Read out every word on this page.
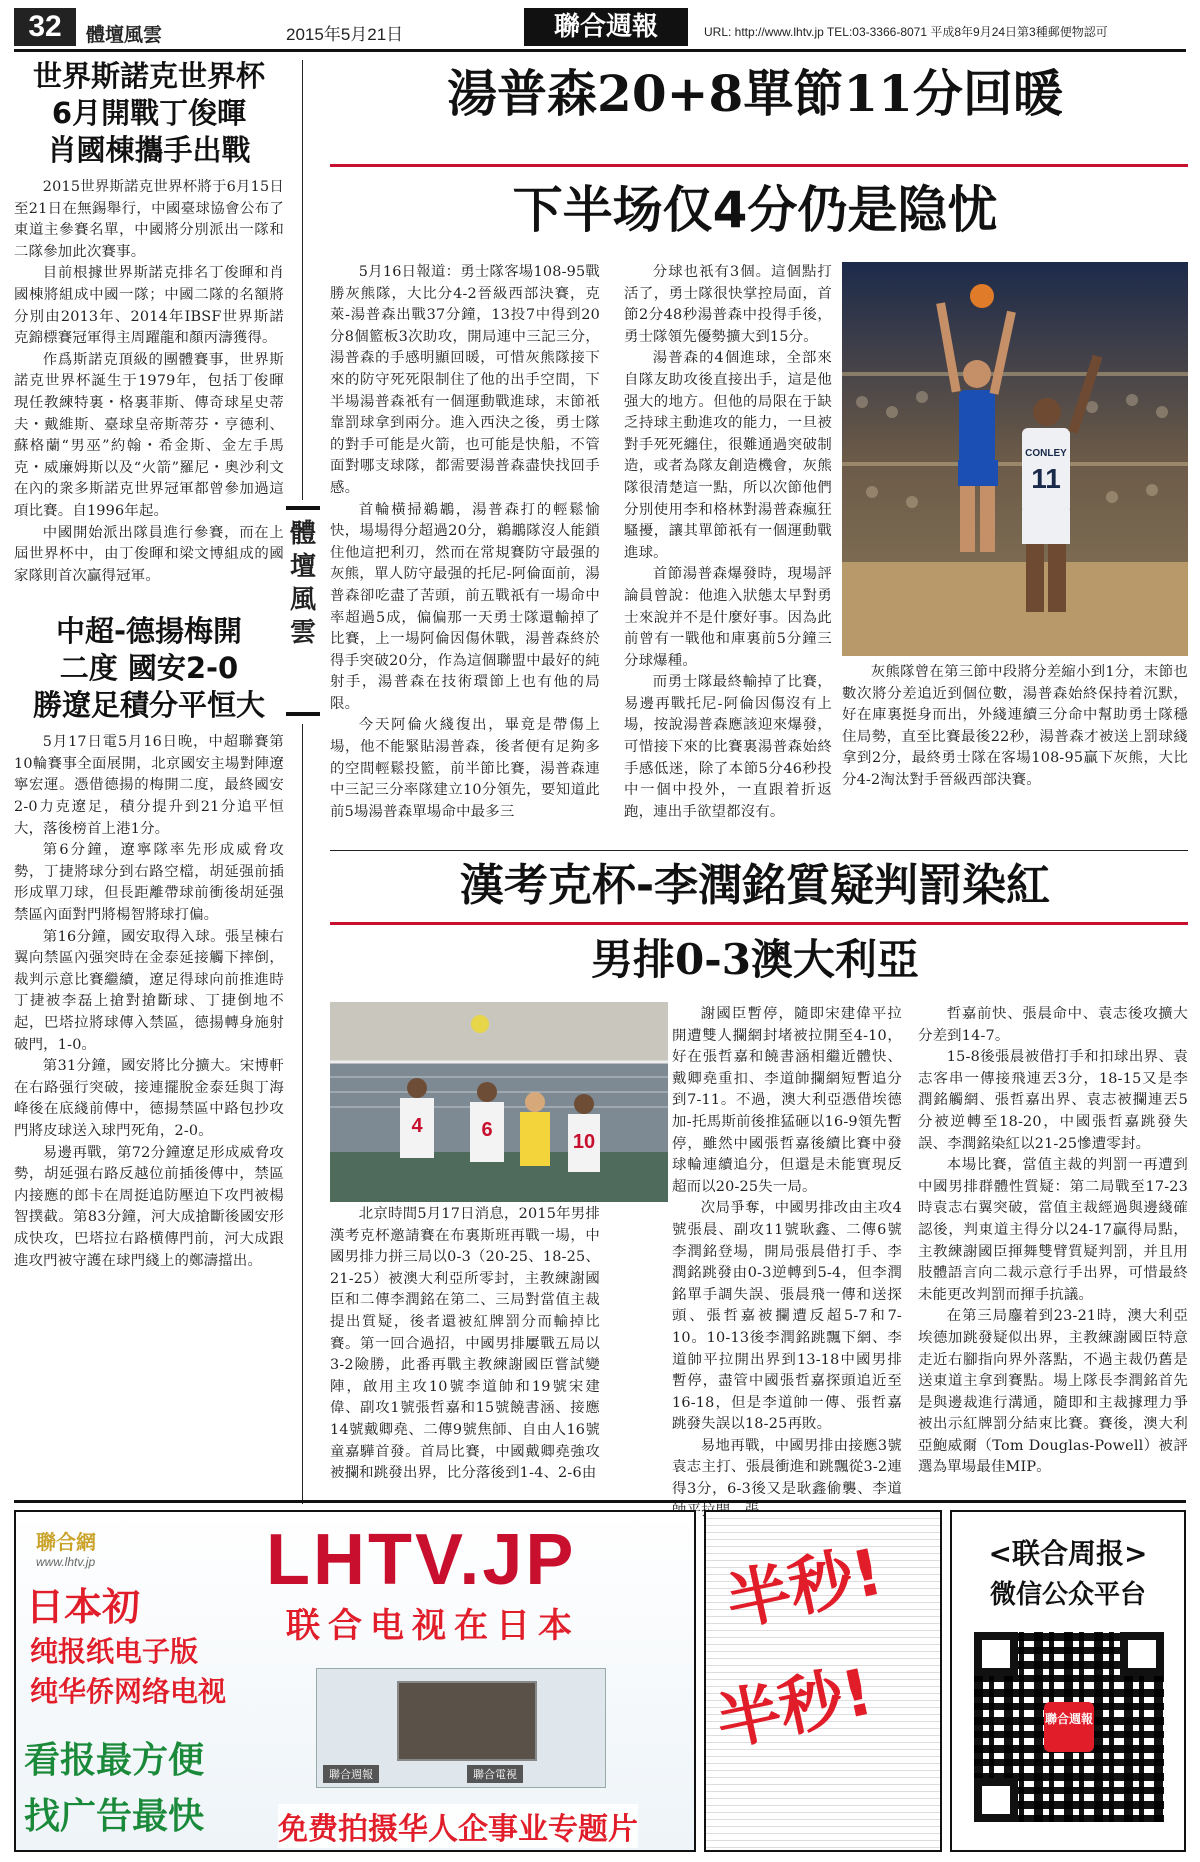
32	體壇風雲	2015年5月21日	聯合週報	URL: http://www.lhtv.jp TEL:03-3366-8071 平成8年9月24日第3種郵便物認可
世界斯諾克世界杯
6月開戰丁俊暉
肖國棟攜手出戰

2015世界斯諾克世界杯將于6月15日至21日在無錫舉行，中國臺球協會公布了東道主參賽名單，中國將分別派出一隊和二隊參加此次賽事。

目前根據世界斯諾克排名丁俊暉和肖國棟將組成中國一隊；中國二隊的名額將分別由2013年、2014年IBSF世界斯諾克錦標賽冠軍得主周躍龍和顏丙濤獲得。

作爲斯諾克頂級的團體賽事，世界斯諾克世界杯誕生于1979年，包括丁俊暉現任教練特裏・格裏菲斯、傳奇球星史蒂夫・戴維斯、臺球皇帝斯蒂芬・亨德利、蘇格蘭“男巫”約翰・希金斯、金左手馬克・威廉姆斯以及“火箭”羅尼・奧沙利文在內的衆多斯諾克世界冠軍都曾參加過這項比賽。自1996年起。

中國開始派出隊員進行參賽，而在上屆世界杯中，由丁俊暉和梁文博組成的國家隊則首次贏得冠軍。

中超-德揚梅開
二度 國安2-0
勝遼足積分平恒大

5月17日電5月16日晚，中超聯賽第10輪賽事全面展開，北京國安主場對陣遼寧宏運。憑借德揚的梅開二度，最終國安2-0力克遼足，積分提升到21分追平恒大，落後榜首上港1分。

第6分鐘，遼寧隊率先形成威脅攻勢，丁捷將球分到右路空檔，胡延强前插形成單刀球，但長距離帶球前衝後胡延强禁區內面對門將楊智將球打偏。

第16分鐘，國安取得入球。張呈棟右翼向禁區內强突時在金泰延接觸下摔倒，裁判示意比賽繼續，遼足得球向前推進時丁捷被李磊上搶對搶斷球、丁捷倒地不起，巴塔拉將球傳入禁區，德揚轉身施射破門，1-0。

第31分鐘，國安將比分擴大。宋博軒在右路强行突破，接連擺脫金泰廷與丁海峰後在底綫前傳中，德揚禁區中路包抄攻門將皮球送入球門死角，2-0。

易邊再戰，第72分鐘遼足形成威脅攻勢，胡延强右路反越位前插後傳中，禁區内接應的郎卡在周挺追防壓迫下攻門被楊智撲截。第83分鐘，河大成搶斷後國安形成快攻，巴塔拉右路横傳門前，河大成跟進攻門被守護在球門綫上的鄭濤擋出。

體
壇
風
雲
湯普森20+8單節11分回暖
下半场仅4分仍是隐忧

5月16日報道：勇士隊客場108-95戰勝灰熊隊，大比分4-2晉級西部決賽，克萊-湯普森出戰37分鐘，13投7中得到20分8個籃板3次助攻，開局連中三記三分，湯普森的手感明顯回暖，可惜灰熊隊接下來的防守死死限制住了他的出手空間，下半場湯普森衹有一個運動戰進球，末節衹靠罰球拿到兩分。進入西決之後，勇士隊的對手可能是火箭，也可能是快船，不管面對哪支球隊，都需要湯普森盡快找回手感。

首輪橫掃鵜鶘，湯普森打的輕鬆愉快，場場得分超過20分，鵜鶘隊沒人能鎖住他這把利刃，然而在常規賽防守最强的灰熊，單人防守最强的托尼-阿倫面前，湯普森卻吃盡了苦頭，前五戰祇有一場命中率超過5成，偏偏那一天勇士隊還輸掉了比賽，上一場阿倫因傷休戰，湯普森終於得手突破20分，作為這個聯盟中最好的純射手，湯普森在技術環節上也有他的局限。

今天阿倫火綫復出，畢竟是帶傷上場，他不能緊貼湯普森，後者便有足夠多的空間輕鬆投籃，前半節比賽，湯普森連中三記三分率隊建立10分領先，要知道此前5場湯普森單場命中最多三

分球也祇有3個。這個點打活了，勇士隊很快掌控局面，首節2分48秒湯普森中投得手後，勇士隊領先優勢擴大到15分。

湯普森的4個進球，全部來自隊友助攻後直接出手，這是他强大的地方。但他的局限在于缺乏持球主動進攻的能力，一旦被對手死死纏住，很難通過突破制造，或者為隊友創造機會，灰熊隊很清楚這一點，所以次節他們分別使用李和格林對湯普森瘋狂騷擾，讓其單節祇有一個運動戰進球。

首節湯普森爆發時，現場評論員曾說：他進入狀態太早對勇士來說并不是什麼好事。因為此前曾有一戰他和庫裏前5分鐘三分球爆種。

而勇士隊最終輸掉了比賽，易邊再戰托尼-阿倫因傷沒有上場，按說湯普森應該迎來爆發，可惜接下來的比賽裏湯普森始終手感低迷，除了本節5分46秒投中一個中投外，一直跟着折返跑，連出手欲望都沒有。

灰熊隊曾在第三節中段將分差縮小到1分，末節也數次將分差追近到個位數，湯普森始終保持着沉默，好在庫裏挺身而出，外綫連續三分命中幫助勇士隊穩住局勢，直至比賽最後22秒，湯普森才被送上罰球綫拿到2分，最終勇士隊在客場108-95贏下灰熊，大比分4-2淘汰對手晉級西部決賽。

CONLEY
11
漢考克杯-李潤銘質疑判罰染紅
男排0-3澳大利亞
4	6
10

北京時間5月17日消息，2015年男排漢考克杯邀請賽在布裏斯班再戰一場，中國男排力拼三局以0-3（20-25、18-25、21-25）被澳大利亞所零封，主教練謝國臣和二傳李潤銘在第二、三局對當值主裁提出質疑，後者還被紅牌罰分而輸掉比賽。第一回合過招，中國男排屢戰五局以3-2險勝，此番再戰主教練謝國臣嘗試變陣，啟用主攻10號李道帥和19號宋建偉、副攻1號張哲嘉和15號饒書涵、接應14號戴卿堯、二傳9號焦師、自由人16號童嘉驊首發。首局比賽，中國戴卿堯強攻被攔和跳發出界，比分落後到1-4、2-6由

謝國臣暫停，隨即宋建偉平拉開遭雙人攔網封堵被拉開至4-10，好在張哲嘉和饒書涵相繼近體快、戴卿堯重扣、李道帥攔網短暫追分到7-11。不過，澳大利亞憑借埃德加-托馬斯前後推猛砸以16-9領先暫停，雖然中國張哲嘉後續比賽中發球輪連續追分，但還是未能實現反超而以20-25失一局。

次局爭奪，中國男排改由主攻4號張晨、副攻11號耿鑫、二傳6號李潤銘登場，開局張晨借打手、李潤銘跳發由0-3逆轉到5-4，但李潤銘單手調失誤、張晨飛一傳和送探頭、張哲嘉被攔遭反超5-7和7-10。10-13後李潤銘跳飄下網、李道帥平拉開出界到13-18中國男排暫停，盡管中國張哲嘉探頭追近至16-18，但是李道帥一傳、張哲嘉跳發失誤以18-25再敗。

易地再戰，中國男排由接應3號袁志主打、張晨衝進和跳飄從3-2連得3分，6-3後又是耿鑫偷襲、李道

哲嘉前快、張晨命中、袁志後攻擴大分差到14-7。

15-8後張晨被借打手和扣球出界、袁志客串一傳接飛連丟3分，18-15又是李潤銘觸網、張哲嘉出界、袁志被攔連丟5分被逆轉至18-20，中國張哲嘉跳發失誤、李潤銘染紅以21-25慘遭零封。

本場比賽，當值主裁的判罰一再遭到中國男排群體性質疑：第二局戰至17-23時袁志右翼突破，當值主裁經過與邊綫確認後，判東道主得分以24-17贏得局點，主教練謝國臣揮舞雙臂質疑判罰，并且用肢體語言向二裁示意行手出界，可惜最終未能更改判罰而揮手抗議。

在第三局鏖着到23-21時，澳大利亞埃德加跳發疑似出界，主教練謝國臣特意走近右腳指向界外落點，不過主裁仍舊是送東道主拿到賽點。場上隊長李潤銘首先是與邊裁進行溝通，隨即和主裁據理力爭被出示紅牌罰分結束比賽。賽後，澳大利亞鮑威爾（Tom Douglas-Powell）被評選為單場最佳MIP。

聯合網
www.lhtv.jp	LHTV.JP
联合电视在日本
日本初
纯报纸电子版
纯华侨网络电视
聯合週報	聯合電視
看报最方便
找广告最快 免费拍摄华人企事业专题片
半秒!
半秒!
<联合周报>
微信公众平台
聯合週報
